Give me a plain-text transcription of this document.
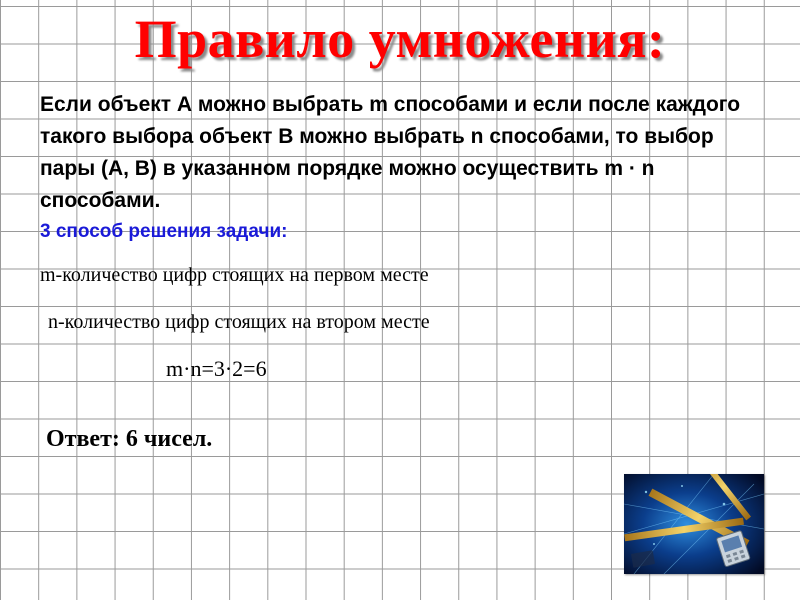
Правило умножения:

Если объект А можно выбрать m способами и если после каждого такого выбора объект В можно выбрать n способами, то выбор пары (А, В) в указанном порядке можно осуществить m · n способами.

3 способ решения задачи:
m-количество цифр стоящих на первом месте
n-количество цифр стоящих на втором месте
m·n=3·2=6
Ответ: 6 чисел.
